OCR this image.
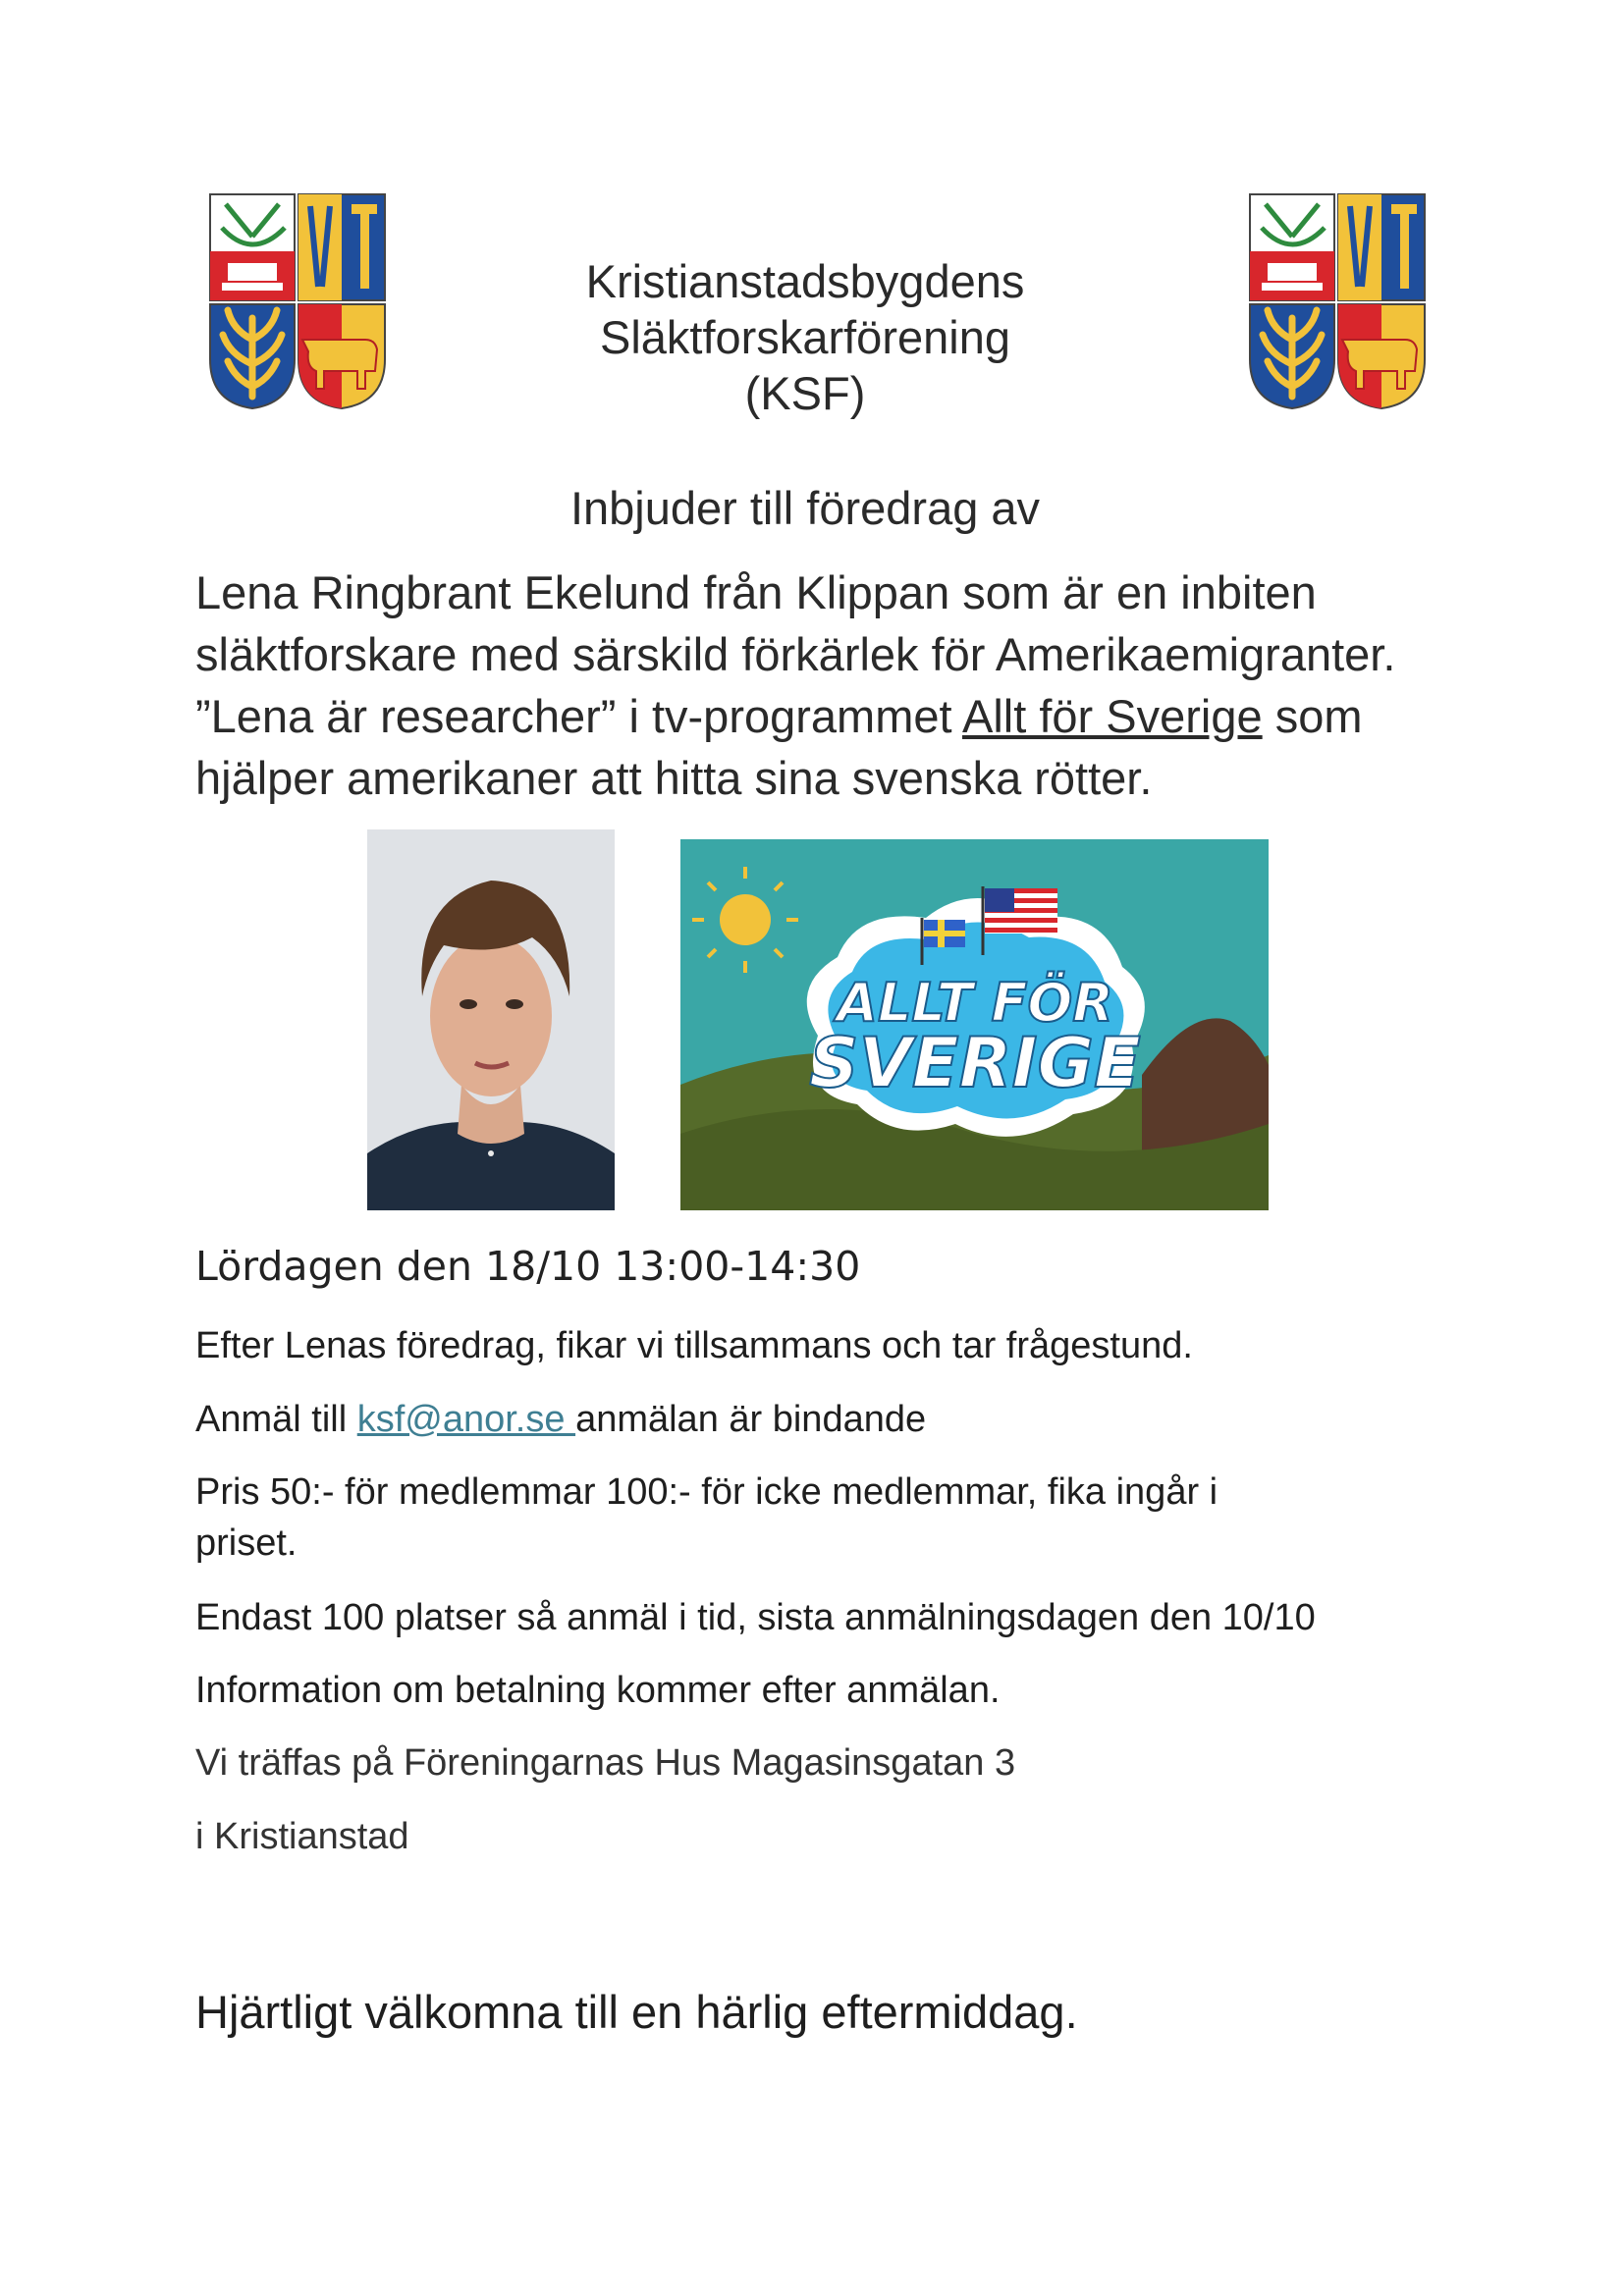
Kristianstadsbygdens
Släktforskarförening
(KSF)
Inbjuder till föredrag av
Lena Ringbrant Ekelund från Klippan som är en inbiten
släktforskare med särskild förkärlek för Amerikaemigranter.
”Lena är researcher” i tv-programmet Allt för Sverige som
hjälper amerikaner att hitta sina svenska rötter.
ALLT FÖR
SVERIGE
Lördagen den 18/10 13:00-14:30
Efter Lenas föredrag, fikar vi tillsammans och tar frågestund.
Anmäl till ksf@anor.se anmälan är bindande
Pris 50:- för medlemmar 100:- för icke medlemmar, fika ingår i
priset.
Endast 100 platser så anmäl i tid, sista anmälningsdagen den 10/10
Information om betalning kommer efter anmälan.
Vi träffas på Föreningarnas Hus Magasinsgatan 3
i Kristianstad
Hjärtligt välkomna till en härlig eftermiddag.
